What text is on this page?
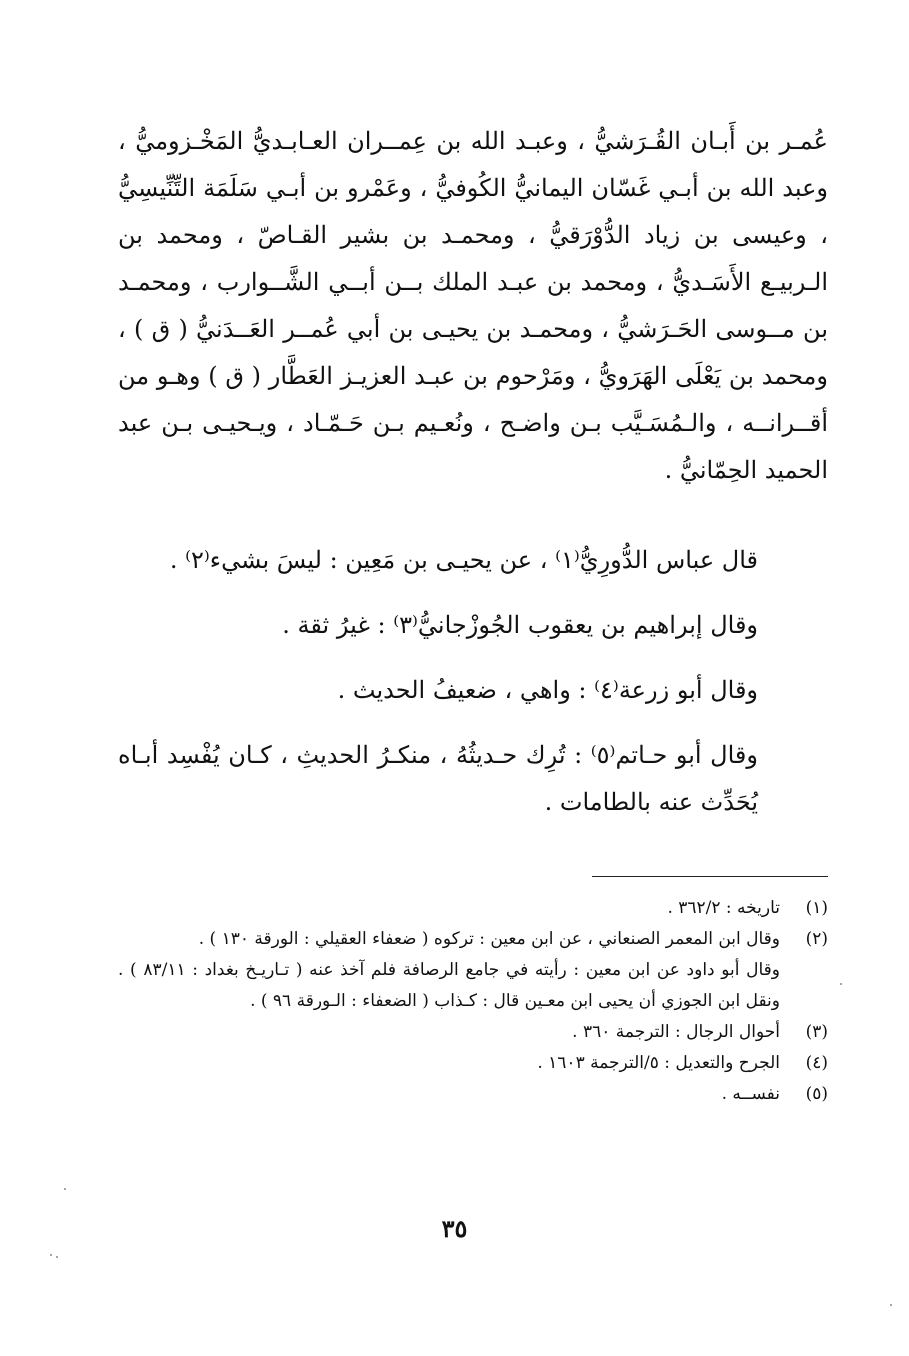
عُمـر بن أَبـان القُـرَشيُّ ، وعبـد الله بن عِمــران العـابـديُّ المَخْـزوميُّ ، وعبد الله بن أبـي غَسّان اليمانيُّ الكُوفيُّ ، وعَمْرو بن أبـي سَلَمَة التِّنِّيسِيُّ ، وعيسى بن زياد الدُّوْرَقيُّ ، ومحمـد بن بشير القـاصّ ، ومحمد بن الـربيـع الأَسَـديُّ ، ومحمد بن عبـد الملك بــن أبــي الشَّــوارب ، ومحمـد بن مــوسى الحَـرَشيُّ ، ومحمـد بن يحيـى بن أبي عُمــر العَــدَنيُّ ( ق ) ، ومحمد بن يَعْلَى الهَرَويُّ ، ومَرْحوم بن عبـد العزيـز العَطَّار ( ق ) وهـو من أقــرانــه ، والـمُسَـيَّب بـن واضـح ، ونُعـيم بـن حَـمّـاد ، ويـحيـى بـن عبد الحميد الحِمّانيُّ .

قال عباس الدُّورِيُّ⁽١⁾ ، عن يحيـى بن مَعِين : ليسَ بشيء⁽٢⁾ .

وقال إبراهيم بن يعقوب الجُوزْجانيُّ⁽٣⁾ : غيرُ ثقة .

وقال أبو زرعة⁽٤⁾ : واهي ، ضعيفُ الحديث .

وقال أبو حـاتم⁽٥⁾ : تُرِك حـديثُهُ ، منكـرُ الحديثِ ، كـان يُفْسِد أبـاه يُحَدِّث عنه بالطامات .

(١)

تاريخه : ٣٦٢/٢ .

(٢)

وقال ابن المعمر الصنعاني ، عن ابن معين : تركوه ( ضعفاء العقيلي : الورقة ١٣٠ ) .

وقال أبو داود عن ابن معين : رأيته في جامع الرصافة فلم آخذ عنه ( تـاريـخ بغداد : ٨٣/١١ ) . ونقل ابن الجوزي أن يحيى ابن معـين قال : كـذاب ( الضعفاء : الـورقة ٩٦ ) .

(٣)

أحوال الرجال : الترجمة ٣٦٠ .

(٤)

الجرح والتعديل : ٥/الترجمة ١٦٠٣ .

(٥)

نفســه .

٣٥
